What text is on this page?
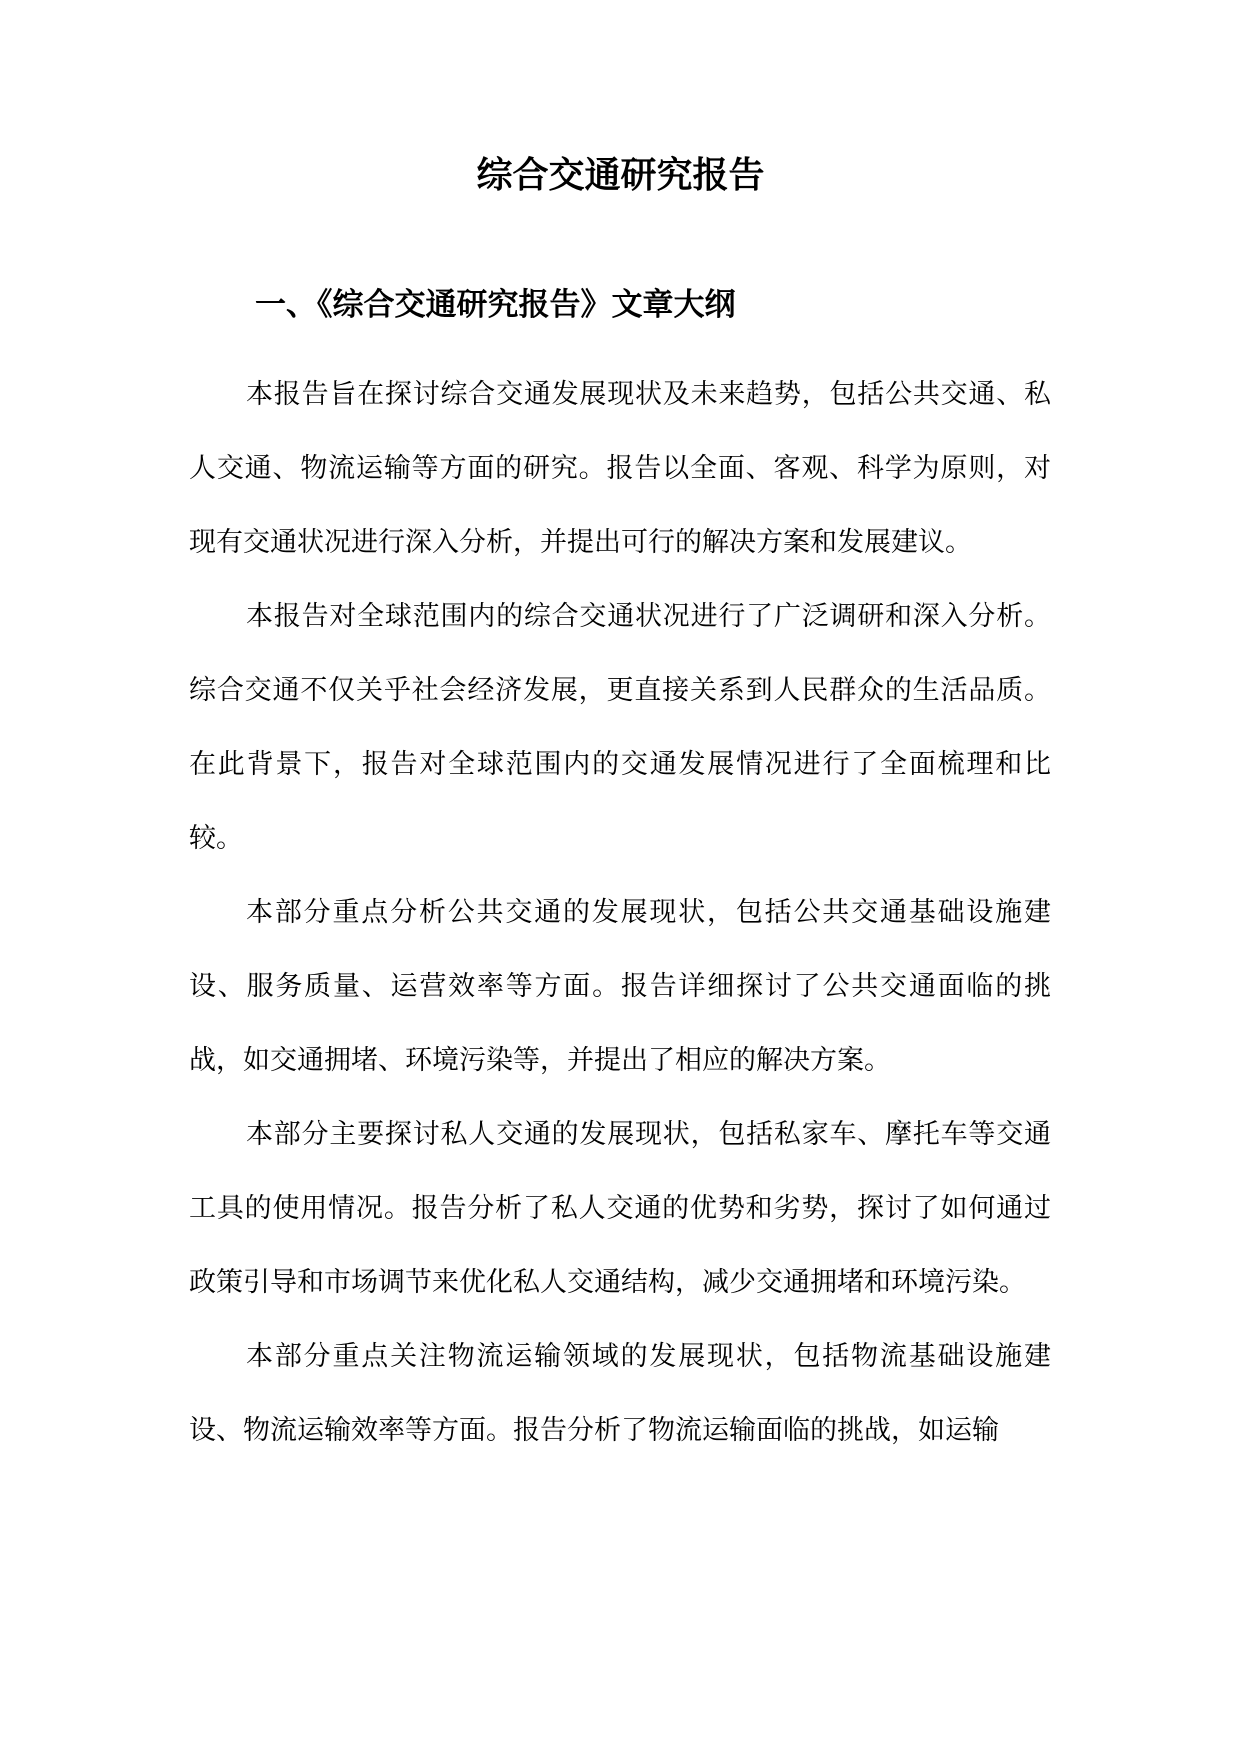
综合交通研究报告
一、《综合交通研究报告》文章大纲

本报告旨在探讨综合交通发展现状及未来趋势，包括公共交通、私人交通、物流运输等方面的研究。报告以全面、客观、科学为原则，对现有交通状况进行深入分析，并提出可行的解决方案和发展建议。

本报告对全球范围内的综合交通状况进行了广泛调研和深入分析。综合交通不仅关乎社会经济发展，更直接关系到人民群众的生活品质。在此背景下，报告对全球范围内的交通发展情况进行了全面梳理和比较。

本部分重点分析公共交通的发展现状，包括公共交通基础设施建设、服务质量、运营效率等方面。报告详细探讨了公共交通面临的挑战，如交通拥堵、环境污染等，并提出了相应的解决方案。

本部分主要探讨私人交通的发展现状，包括私家车、摩托车等交通工具的使用情况。报告分析了私人交通的优势和劣势，探讨了如何通过政策引导和市场调节来优化私人交通结构，减少交通拥堵和环境污染。

本部分重点关注物流运输领域的发展现状，包括物流基础设施建设、物流运输效率等方面。报告分析了物流运输面临的挑战，如运输
